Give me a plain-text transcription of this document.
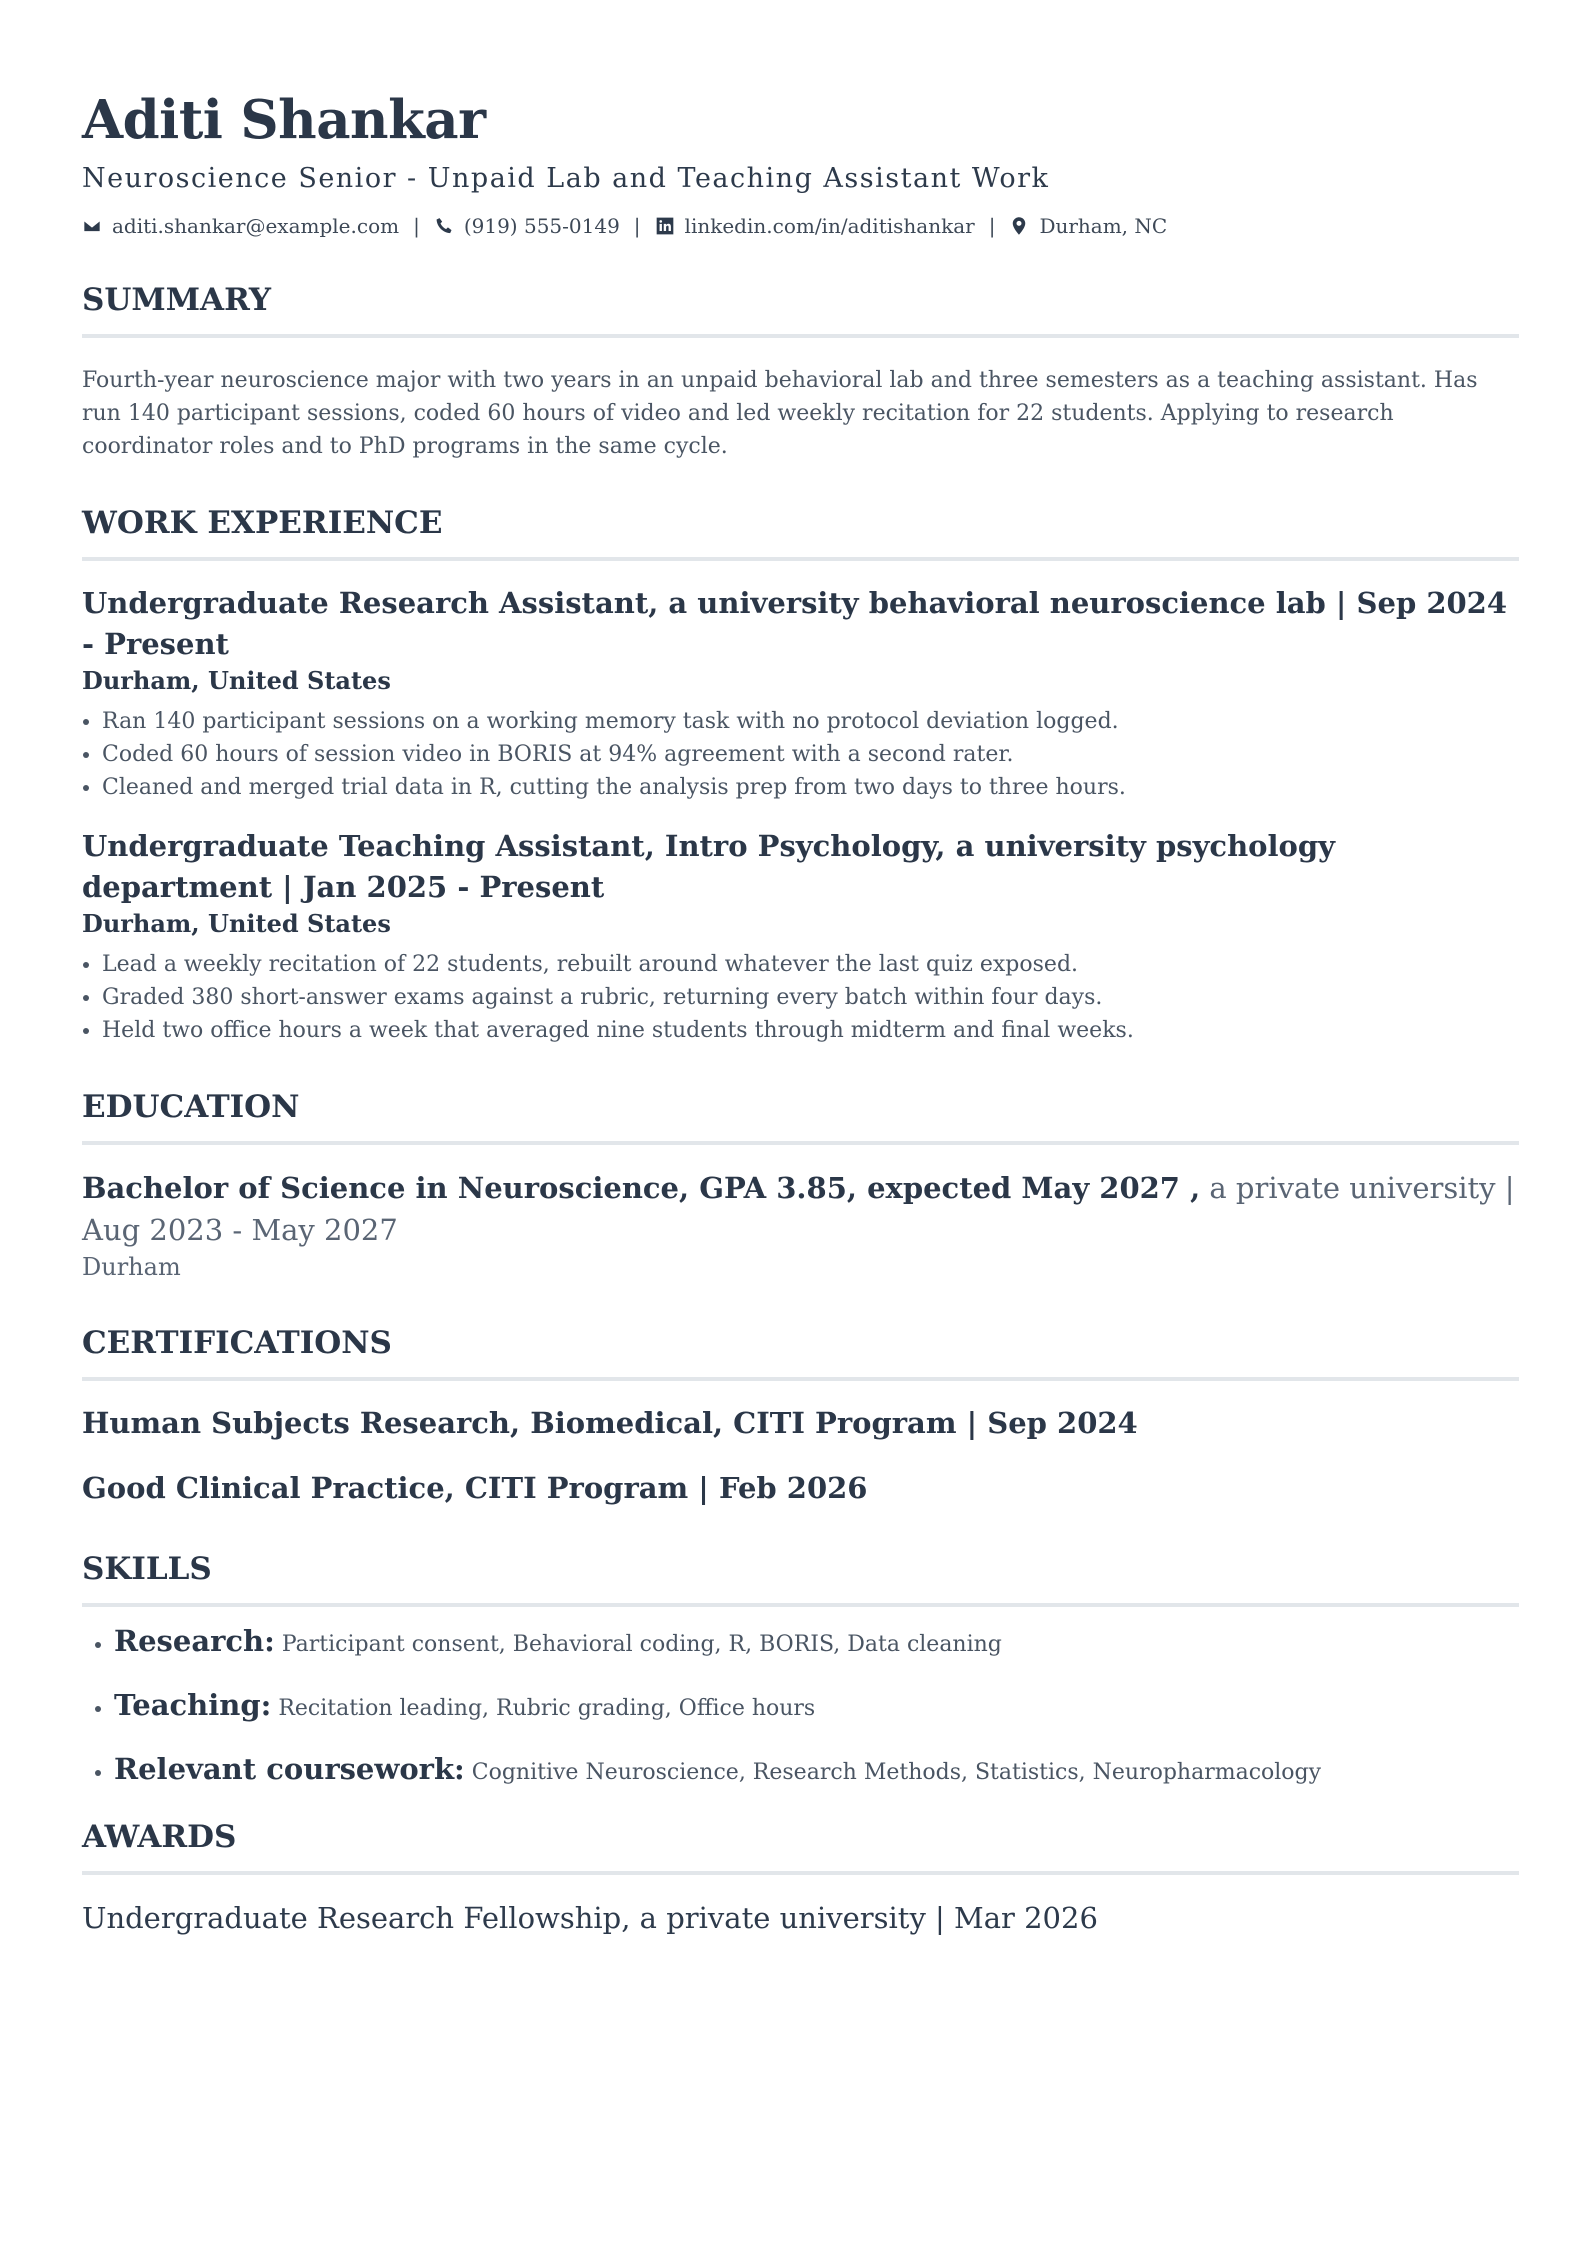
Aditi Shankar
Neuroscience Senior - Unpaid Lab and Teaching Assistant Work
aditi.shankar@example.com | (919) 555-0149 | linkedin.com/in/aditishankar | Durham, NC
SUMMARY
Fourth-year neuroscience major with two years in an unpaid behavioral lab and three semesters as a teaching assistant. Has run 140 participant sessions, coded 60 hours of video and led weekly recitation for 22 students. Applying to research coordinator roles and to PhD programs in the same cycle.
WORK EXPERIENCE
Undergraduate Research Assistant, a university behavioral neuroscience lab | Sep 2024 - Present
Durham, United States
• Ran 140 participant sessions on a working memory task with no protocol deviation logged.
• Coded 60 hours of session video in BORIS at 94% agreement with a second rater.
• Cleaned and merged trial data in R, cutting the analysis prep from two days to three hours.
Undergraduate Teaching Assistant, Intro Psychology, a university psychology department | Jan 2025 - Present
Durham, United States
• Lead a weekly recitation of 22 students, rebuilt around whatever the last quiz exposed.
• Graded 380 short-answer exams against a rubric, returning every batch within four days.
• Held two office hours a week that averaged nine students through midterm and final weeks.
EDUCATION
Bachelor of Science in Neuroscience, GPA 3.85, expected May 2027 , a private university | Aug 2023 - May 2027
Durham
CERTIFICATIONS
Human Subjects Research, Biomedical, CITI Program | Sep 2024
Good Clinical Practice, CITI Program | Feb 2026
SKILLS
• Research: Participant consent, Behavioral coding, R, BORIS, Data cleaning
• Teaching: Recitation leading, Rubric grading, Office hours
• Relevant coursework: Cognitive Neuroscience, Research Methods, Statistics, Neuropharmacology
AWARDS
Undergraduate Research Fellowship, a private university | Mar 2026
